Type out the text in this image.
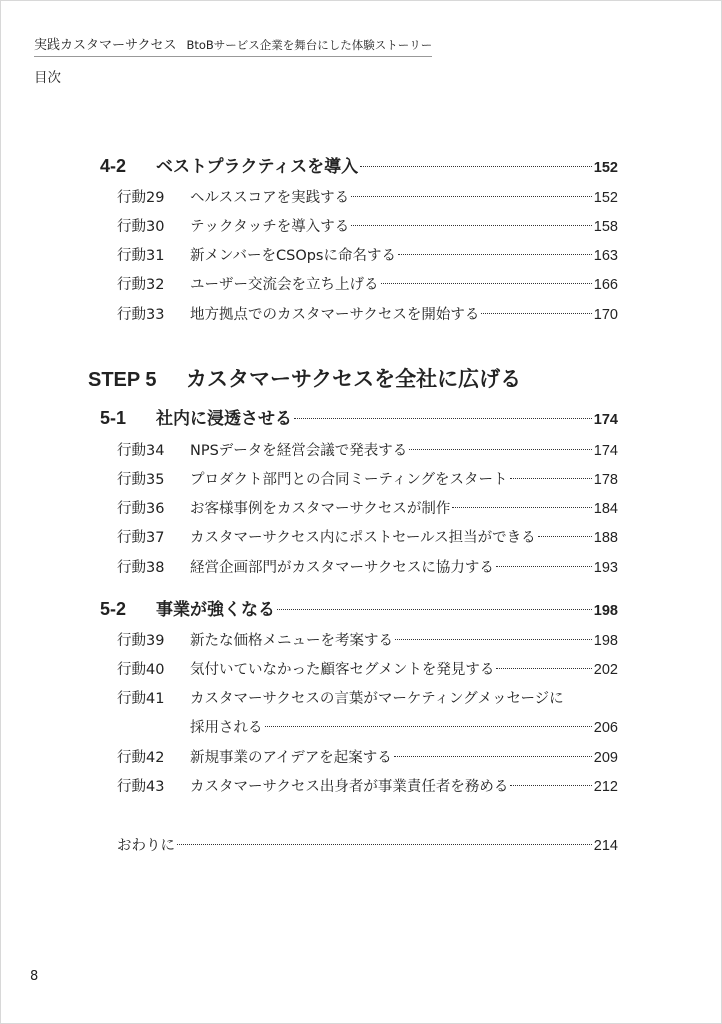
実践カスタマーサクセス BtoBサービス企業を舞台にした体験ストーリー
目次
4-2	ベストプラクティスを導入	152
行動29	ヘルススコアを実践する	152
行動30	テックタッチを導入する	158
行動31	新メンバーをCSOpsに命名する	163
行動32	ユーザー交流会を立ち上げる	166
行動33	地方拠点でのカスタマーサクセスを開始する	170
STEP 5 カスタマーサクセスを全社に広げる
5-1	社内に浸透させる	174
行動34	NPSデータを経営会議で発表する	174
行動35	プロダクト部門との合同ミーティングをスタート	178
行動36	お客様事例をカスタマーサクセスが制作	184
行動37	カスタマーサクセス内にポストセールス担当ができる	188
行動38	経営企画部門がカスタマーサクセスに協力する	193
5-2	事業が強くなる	198
行動39	新たな価格メニューを考案する	198
行動40	気付いていなかった顧客セグメントを発見する	202
行動41 カスタマーサクセスの言葉がマーケティングメッセージに
採用される	206
行動42	新規事業のアイデアを起案する	209
行動43	カスタマーサクセス出身者が事業責任者を務める	212
おわりに	214
8
